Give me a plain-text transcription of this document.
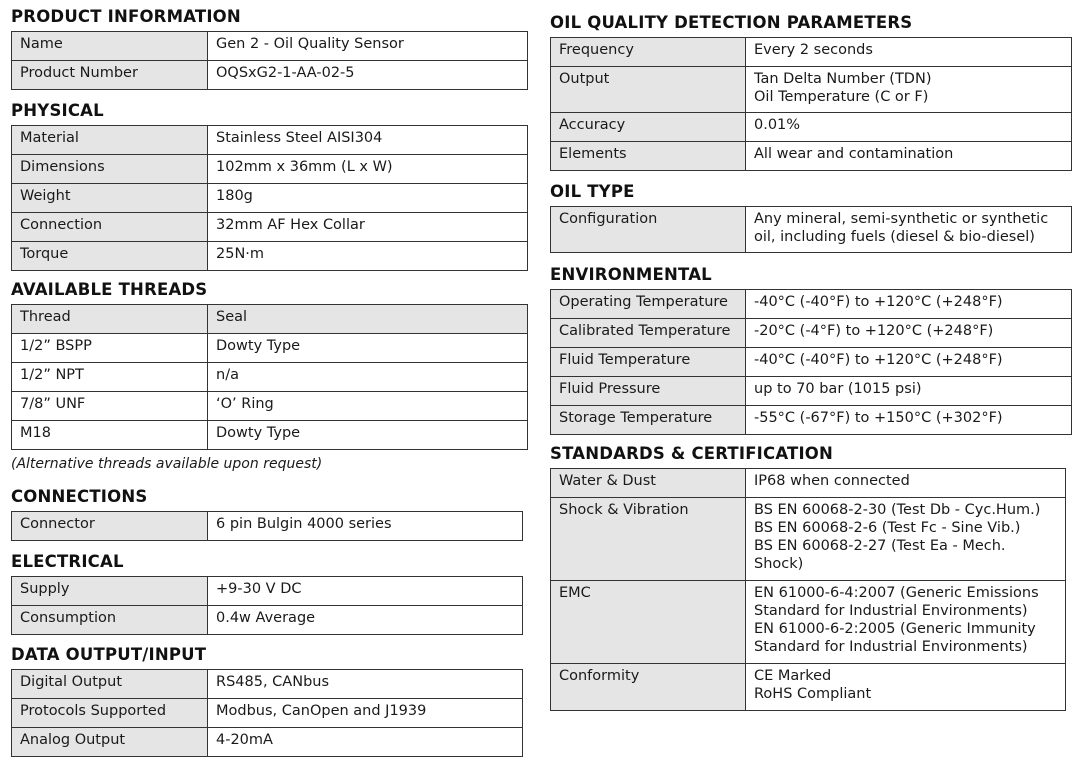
PRODUCT INFORMATION
Name	Gen 2 - Oil Quality Sensor
Product Number	OQSxG2-1-AA-02-5
PHYSICAL
Material	Stainless Steel AISI304
Dimensions	102mm x 36mm (L x W)
Weight	180g
Connection	32mm AF Hex Collar
Torque	25N·m
AVAILABLE THREADS
Thread	Seal
1/2” BSPP	Dowty Type
1/2” NPT	n/a
7/8” UNF	‘O’ Ring
M18	Dowty Type
(Alternative threads available upon request)
CONNECTIONS
Connector	6 pin Bulgin 4000 series
ELECTRICAL
Supply	+9-30 V DC
Consumption	0.4w Average
DATA OUTPUT/INPUT
Digital Output	RS485, CANbus
Protocols Supported	Modbus, CanOpen and J1939
Analog Output	4-20mA
OIL QUALITY DETECTION PARAMETERS
Frequency	Every 2 seconds

Output	Tan Delta Number (TDN)
Oil Temperature (C or F)

Accuracy	0.01%

Elements	All wear and contamination
OIL TYPE
Configuration	Any mineral, semi-synthetic or synthetic
oil, including fuels (diesel & bio-diesel)
ENVIRONMENTAL
Operating Temperature	-40°C (-40°F) to +120°C (+248°F)

Calibrated Temperature	-20°C (-4°F) to +120°C (+248°F)

Fluid Temperature	-40°C (-40°F) to +120°C (+248°F)

Fluid Pressure	up to 70 bar (1015 psi)

Storage Temperature	-55°C (-67°F) to +150°C (+302°F)
STANDARDS & CERTIFICATION
Water & Dust	IP68 when connected

Shock & Vibration	BS EN 60068-2-30 (Test Db - Cyc.Hum.)
BS EN 60068-2-6 (Test Fc - Sine Vib.)
BS EN 60068-2-27 (Test Ea - Mech.
Shock)

EMC	EN 61000-6-4:2007 (Generic Emissions
Standard for Industrial Environments)
EN 61000-6-2:2005 (Generic Immunity
Standard for Industrial Environments)

Conformity	CE Marked
RoHS Compliant
